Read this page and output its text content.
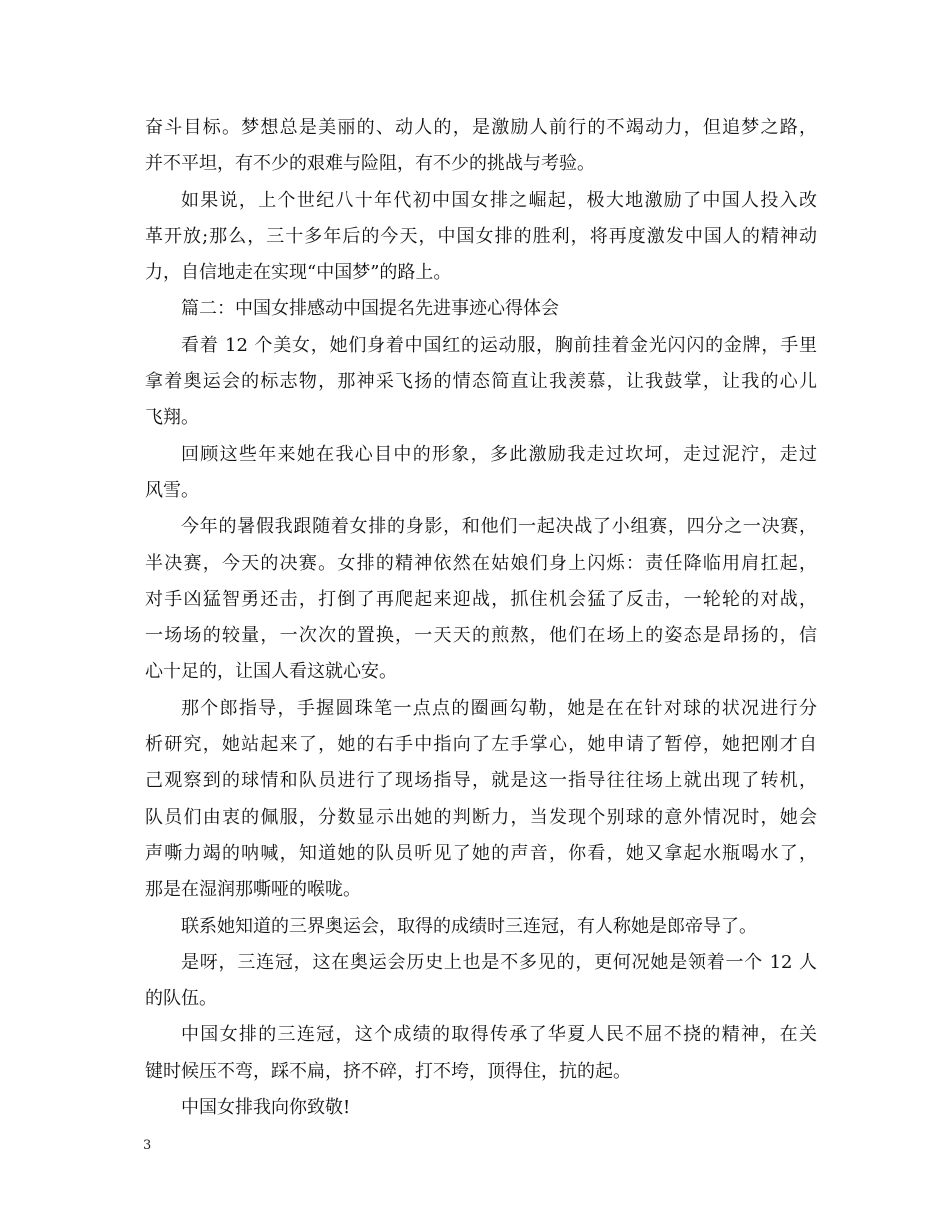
奋斗目标。梦想总是美丽的、动人的，是激励人前行的不竭动力，但追梦之路，
并不平坦，有不少的艰难与险阻，有不少的挑战与考验。
如果说，上个世纪八十年代初中国女排之崛起，极大地激励了中国人投入改
革开放;那么，三十多年后的今天，中国女排的胜利，将再度激发中国人的精神动
力，自信地走在实现“中国梦”的路上。
篇二：中国女排感动中国提名先进事迹心得体会
看着 12 个美女，她们身着中国红的运动服，胸前挂着金光闪闪的金牌，手里
拿着奥运会的标志物，那神采飞扬的情态简直让我羡慕，让我鼓掌，让我的心儿
飞翔。
回顾这些年来她在我心目中的形象，多此激励我走过坎坷，走过泥泞，走过
风雪。
今年的暑假我跟随着女排的身影，和他们一起决战了小组赛，四分之一决赛，
半决赛，今天的决赛。女排的精神依然在姑娘们身上闪烁：责任降临用肩扛起，
对手凶猛智勇还击，打倒了再爬起来迎战，抓住机会猛了反击，一轮轮的对战，
一场场的较量，一次次的置换，一天天的煎熬，他们在场上的姿态是昂扬的，信
心十足的，让国人看这就心安。
那个郎指导，手握圆珠笔一点点的圈画勾勒，她是在在针对球的状况进行分
析研究，她站起来了，她的右手中指向了左手掌心，她申请了暂停，她把刚才自
己观察到的球情和队员进行了现场指导，就是这一指导往往场上就出现了转机，
队员们由衷的佩服，分数显示出她的判断力，当发现个别球的意外情况时，她会
声嘶力竭的呐喊，知道她的队员听见了她的声音，你看，她又拿起水瓶喝水了，
那是在湿润那嘶哑的喉咙。
联系她知道的三界奥运会，取得的成绩时三连冠，有人称她是郎帝导了。
是呀，三连冠，这在奥运会历史上也是不多见的，更何况她是领着一个 12 人
的队伍。
中国女排的三连冠，这个成绩的取得传承了华夏人民不屈不挠的精神，在关
键时候压不弯，踩不扁，挤不碎，打不垮，顶得住，抗的起。
中国女排我向你致敬!
3
